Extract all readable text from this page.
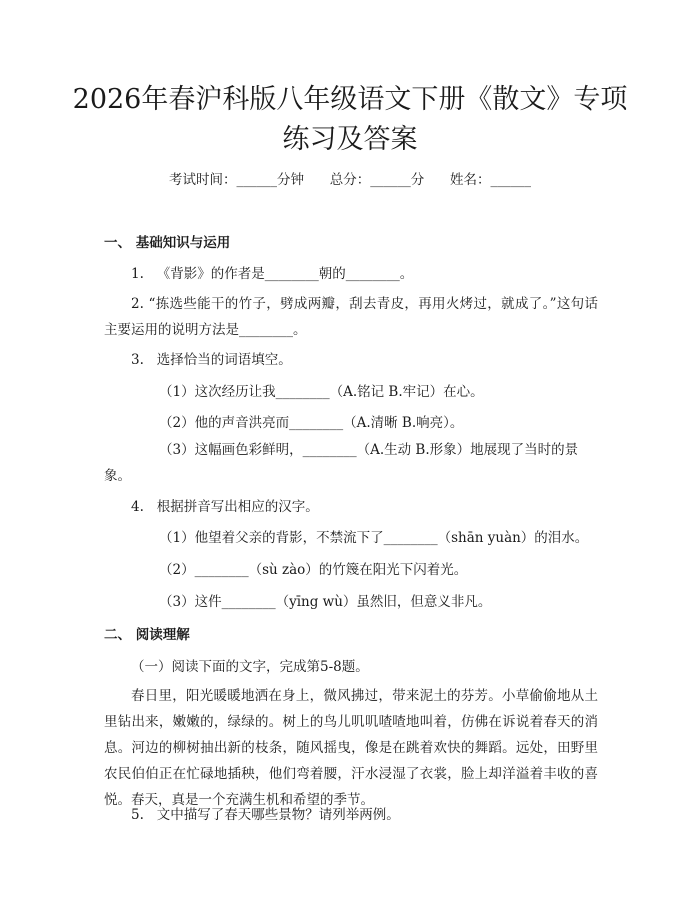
2026年春沪科版八年级语文下册《散文》专项练习及答案
考试时间：______分钟      总分：______分      姓名：______
一、 基础知识与运用
1.   《背影》的作者是________朝的________。

2. “拣选些能干的竹子，劈成两瓣，刮去青皮，再用火烤过，就成了。”这句话主要运用的说明方法是________。

3.   选择恰当的词语填空。
（1）这次经历让我________（A.铭记 B.牢记）在心。
（2）他的声音洪亮而________（A.清晰 B.响亮）。

（3）这幅画色彩鲜明，________（A.生动 B.形象）地展现了当时的景象。

4.   根据拼音写出相应的汉字。
（1）他望着父亲的背影，不禁流下了________（shān yuàn）的泪水。
（2）________（sù zào）的竹篾在阳光下闪着光。
（3）这件________（yīng wù）虽然旧，但意义非凡。
二、 阅读理解
（一）阅读下面的文字，完成第5-8题。

春日里，阳光暖暖地洒在身上，微风拂过，带来泥土的芬芳。小草偷偷地从土里钻出来，嫩嫩的，绿绿的。树上的鸟儿叽叽喳喳地叫着，仿佛在诉说着春天的消息。河边的柳树抽出新的枝条，随风摇曳，像是在跳着欢快的舞蹈。远处，田野里农民伯伯正在忙碌地插秧，他们弯着腰，汗水浸湿了衣裳，脸上却洋溢着丰收的喜悦。春天，真是一个充满生机和希望的季节。

5.   文中描写了春天哪些景物？请列举两例。
